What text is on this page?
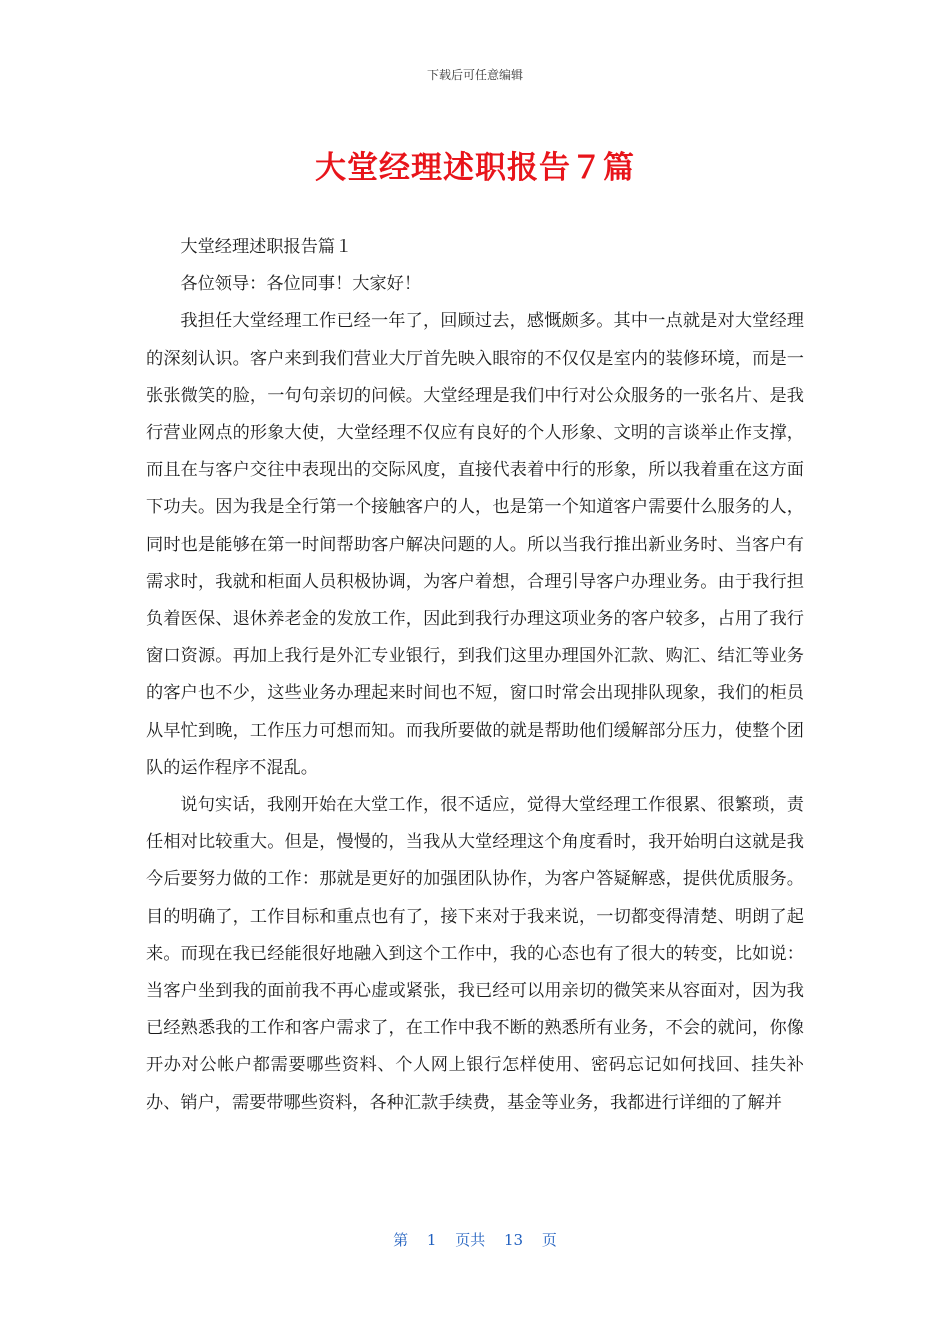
下载后可任意编辑
大堂经理述职报告７篇

大堂经理述职报告篇１

各位领导：各位同事！大家好！

我担任大堂经理工作已经一年了，回顾过去，感慨颇多。其中一点就是对大堂经理的深刻认识。客户来到我们营业大厅首先映入眼帘的不仅仅是室内的装修环境，而是一张张微笑的脸，一句句亲切的问候。大堂经理是我们中行对公众服务的一张名片、是我行营业网点的形象大使，大堂经理不仅应有良好的个人形象、文明的言谈举止作支撑，而且在与客户交往中表现出的交际风度，直接代表着中行的形象，所以我着重在这方面下功夫。因为我是全行第一个接触客户的人，也是第一个知道客户需要什么服务的人，同时也是能够在第一时间帮助客户解决问题的人。所以当我行推出新业务时、当客户有需求时，我就和柜面人员积极协调，为客户着想，合理引导客户办理业务。由于我行担负着医保、退休养老金的发放工作，因此到我行办理这项业务的客户较多，占用了我行窗口资源。再加上我行是外汇专业银行，到我们这里办理国外汇款、购汇、结汇等业务的客户也不少，这些业务办理起来时间也不短，窗口时常会出现排队现象，我们的柜员从早忙到晚，工作压力可想而知。而我所要做的就是帮助他们缓解部分压力，使整个团队的运作程序不混乱。

说句实话，我刚开始在大堂工作，很不适应，觉得大堂经理工作很累、很繁琐，责任相对比较重大。但是，慢慢的，当我从大堂经理这个角度看时，我开始明白这就是我今后要努力做的工作：那就是更好的加强团队协作，为客户答疑解惑，提供优质服务。目的明确了，工作目标和重点也有了，接下来对于我来说，一切都变得清楚、明朗了起来。而现在我已经能很好地融入到这个工作中，我的心态也有了很大的转变，比如说：当客户坐到我的面前我不再心虚或紧张，我已经可以用亲切的微笑来从容面对，因为我已经熟悉我的工作和客户需求了，在工作中我不断的熟悉所有业务，不会的就问，你像开办对公帐户都需要哪些资料、个人网上银行怎样使用、密码忘记如何找回、挂失补办、销户，需要带哪些资料，各种汇款手续费，基金等业务，我都进行详细的了解并

第 1 页共 13 页
